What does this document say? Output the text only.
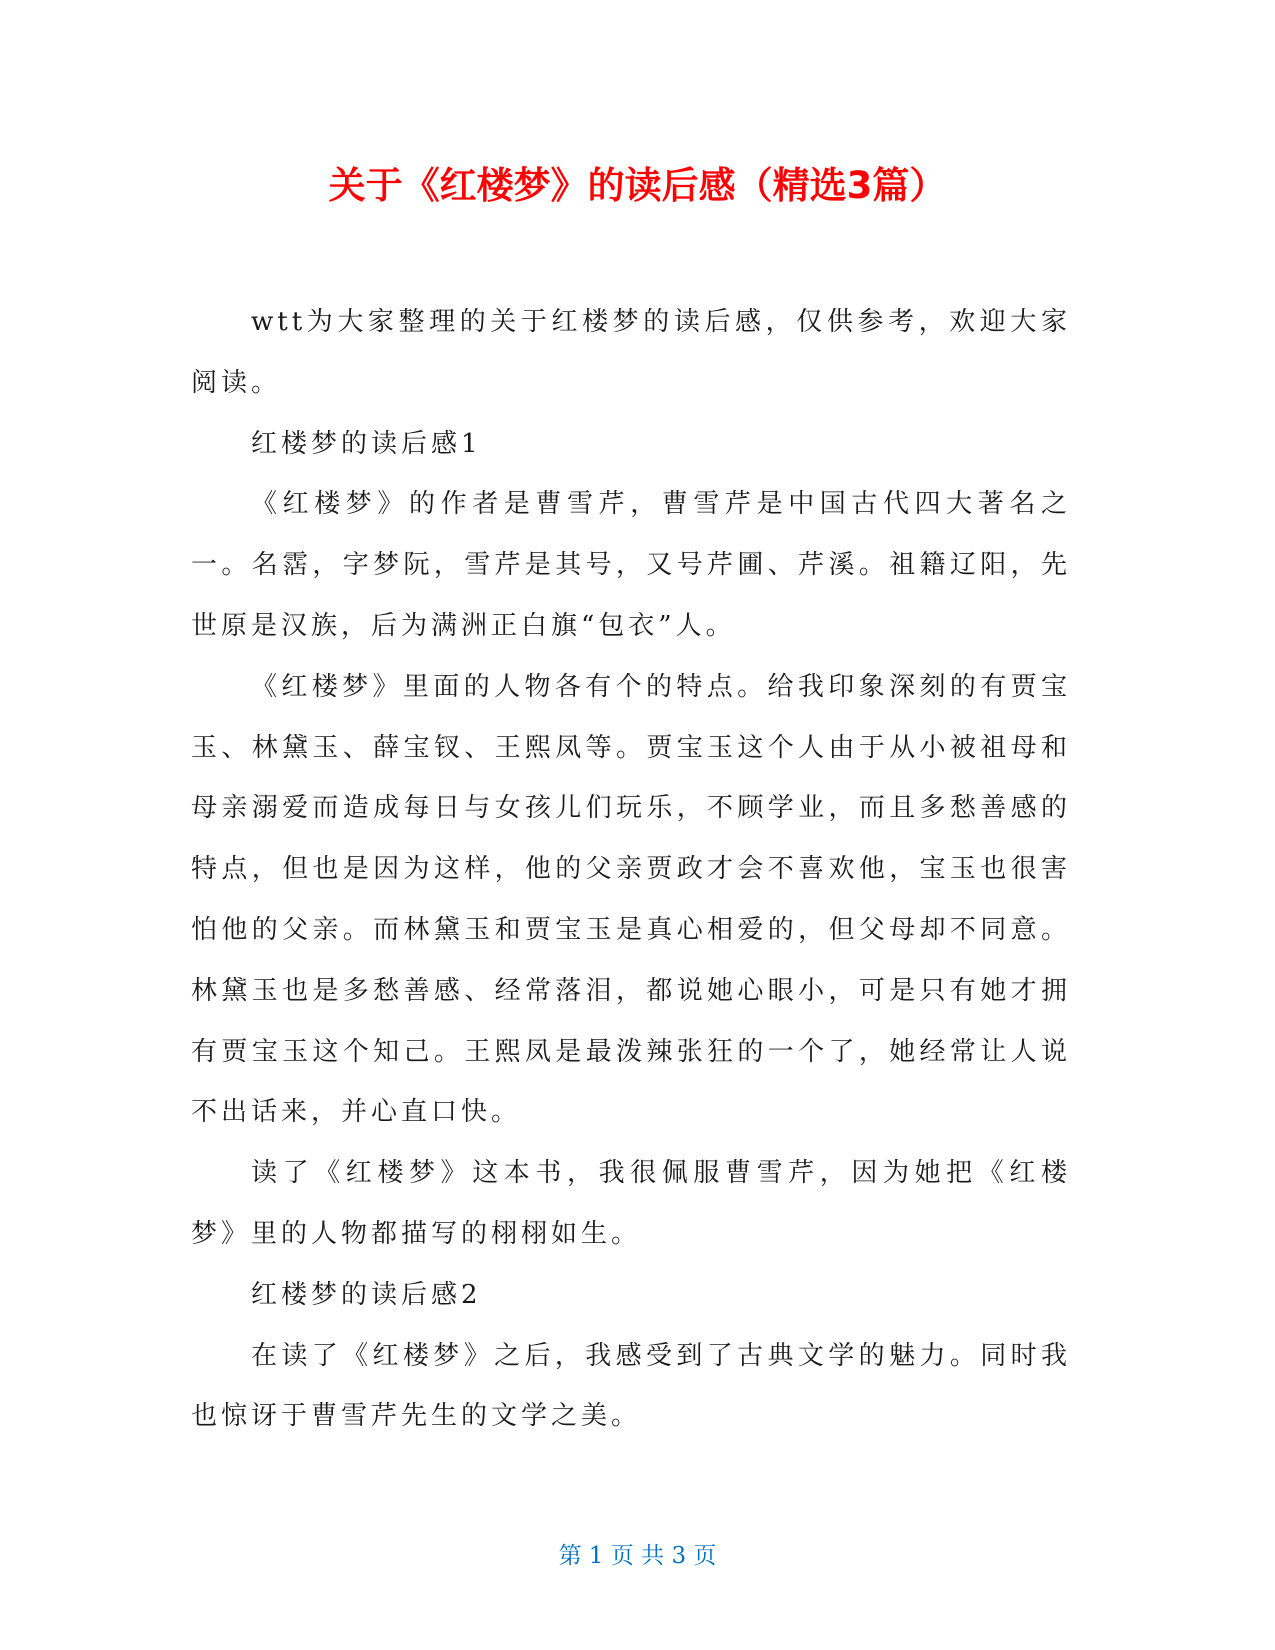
关于《红楼梦》的读后感（精选3篇）

wtt为大家整理的关于红楼梦的读后感，仅供参考，欢迎大家阅读。

红楼梦的读后感1

《红楼梦》的作者是曹雪芹，曹雪芹是中国古代四大著名之一。名霑，字梦阮，雪芹是其号，又号芹圃、芹溪。祖籍辽阳，先世原是汉族，后为满洲正白旗“包衣”人。

《红楼梦》里面的人物各有个的特点。给我印象深刻的有贾宝玉、林黛玉、薛宝钗、王熙凤等。贾宝玉这个人由于从小被祖母和母亲溺爱而造成每日与女孩儿们玩乐，不顾学业，而且多愁善感的特点，但也是因为这样，他的父亲贾政才会不喜欢他，宝玉也很害怕他的父亲。而林黛玉和贾宝玉是真心相爱的，但父母却不同意。林黛玉也是多愁善感、经常落泪，都说她心眼小，可是只有她才拥有贾宝玉这个知己。王熙凤是最泼辣张狂的一个了，她经常让人说不出话来，并心直口快。

读了《红楼梦》这本书，我很佩服曹雪芹，因为她把《红楼梦》里的人物都描写的栩栩如生。

红楼梦的读后感2

在读了《红楼梦》之后，我感受到了古典文学的魅力。同时我也惊讶于曹雪芹先生的文学之美。

第 1 页 共 3 页
